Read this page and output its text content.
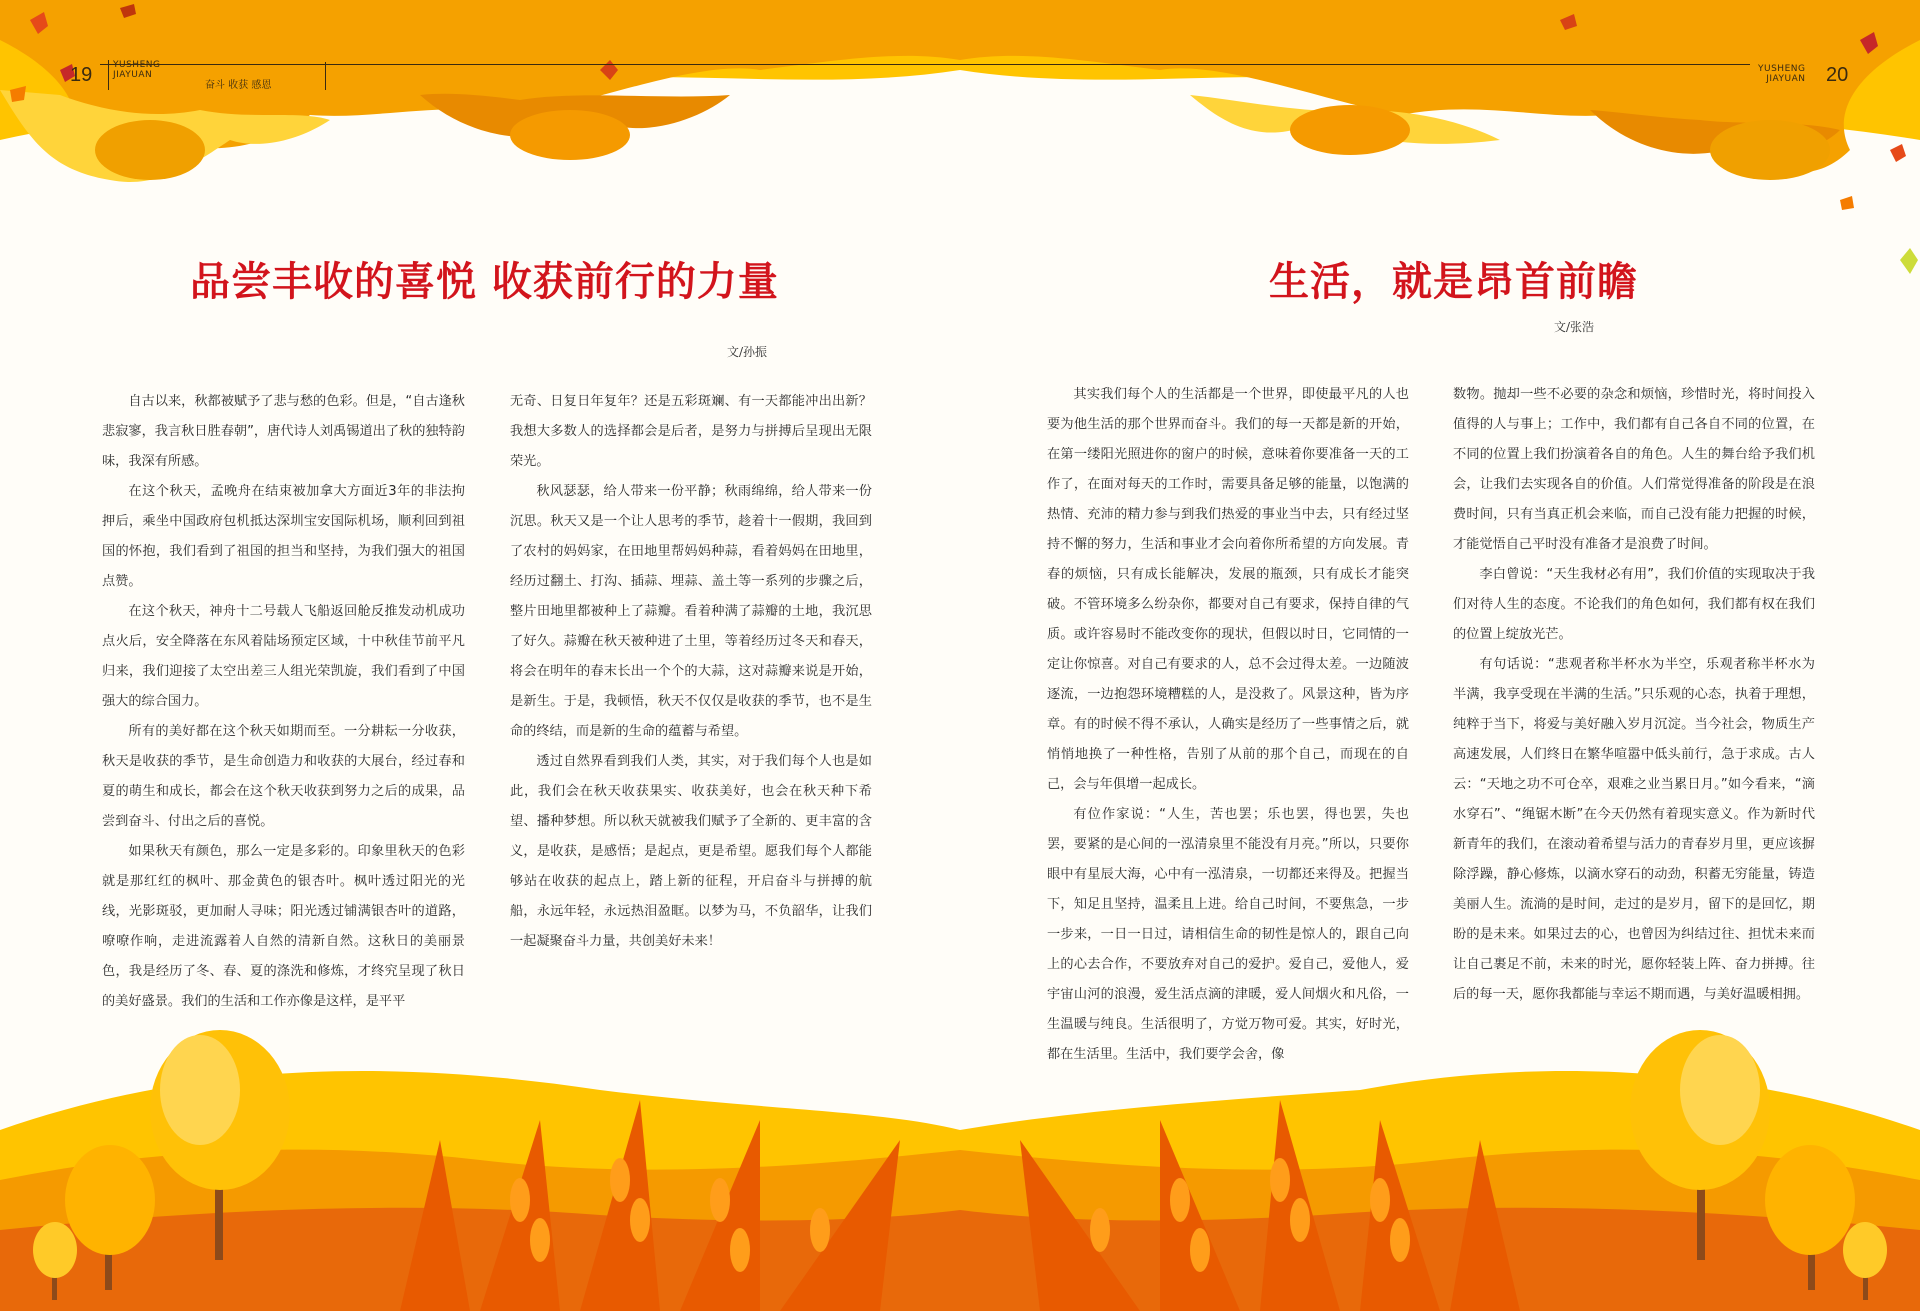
19 YUSHENG
JIAYUAN
奋斗 收获 感恩
品尝丰收的喜悦 收获前行的力量
文/孙振

自古以来，秋都被赋予了悲与愁的色彩。但是，“自古逢秋悲寂寥，我言秋日胜春朝”，唐代诗人刘禹锡道出了秋的独特韵味，我深有所感。

在这个秋天，孟晚舟在结束被加拿大方面近3年的非法拘押后，乘坐中国政府包机抵达深圳宝安国际机场，顺利回到祖国的怀抱，我们看到了祖国的担当和坚持，为我们强大的祖国点赞。

在这个秋天，神舟十二号载人飞船返回舱反推发动机成功点火后，安全降落在东风着陆场预定区域，十中秋佳节前平凡归来，我们迎接了太空出差三人组光荣凯旋，我们看到了中国强大的综合国力。

所有的美好都在这个秋天如期而至。一分耕耘一分收获，秋天是收获的季节，是生命创造力和收获的大展台，经过春和夏的萌生和成长，都会在这个秋天收获到努力之后的成果，品尝到奋斗、付出之后的喜悦。

如果秋天有颜色，那么一定是多彩的。印象里秋天的色彩就是那红红的枫叶、那金黄色的银杏叶。枫叶透过阳光的光线，光影斑驳，更加耐人寻味；阳光透过铺满银杏叶的道路，嘹嘹作响，走进流露着人自然的清新自然。这秋日的美丽景色，我是经历了冬、春、夏的涤洗和修炼，才终究呈现了秋日的美好盛景。我们的生活和工作亦像是这样，是平平

无奇、日复日年复年？还是五彩斑斓、有一天都能冲出出新？我想大多数人的选择都会是后者，是努力与拼搏后呈现出无限荣光。

秋风瑟瑟，给人带来一份平静；秋雨绵绵，给人带来一份沉思。秋天又是一个让人思考的季节，趁着十一假期，我回到了农村的妈妈家，在田地里帮妈妈种蒜，看着妈妈在田地里，经历过翻土、打沟、插蒜、埋蒜、盖土等一系列的步骤之后，整片田地里都被种上了蒜瓣。看着种满了蒜瓣的土地，我沉思了好久。蒜瓣在秋天被种进了土里，等着经历过冬天和春天，将会在明年的春末长出一个个的大蒜，这对蒜瓣来说是开始，是新生。于是，我顿悟，秋天不仅仅是收获的季节，也不是生命的终结，而是新的生命的蕴蓄与希望。

透过自然界看到我们人类，其实，对于我们每个人也是如此，我们会在秋天收获果实、收获美好，也会在秋天种下希望、播种梦想。所以秋天就被我们赋予了全新的、更丰富的含义，是收获，是感悟；是起点，更是希望。愿我们每个人都能够站在收获的起点上，踏上新的征程，开启奋斗与拼搏的航船，永远年轻，永远热泪盈眶。以梦为马，不负韶华，让我们一起凝聚奋斗力量，共创美好未来！

YUSHENG
JIAYUAN 20
生活，就是昂首前瞻
文/张浩

其实我们每个人的生活都是一个世界，即使最平凡的人也要为他生活的那个世界而奋斗。我们的每一天都是新的开始，在第一缕阳光照进你的窗户的时候，意味着你要准备一天的工作了，在面对每天的工作时，需要具备足够的能量，以饱满的热情、充沛的精力参与到我们热爱的事业当中去，只有经过坚持不懈的努力，生活和事业才会向着你所希望的方向发展。青春的烦恼，只有成长能解决，发展的瓶颈，只有成长才能突破。不管环境多么纷杂你，都要对自己有要求，保持自律的气质。或许容易时不能改变你的现状，但假以时日，它同情的一定让你惊喜。对自己有要求的人，总不会过得太差。一边随波逐流，一边抱怨环境糟糕的人，是没救了。风景这种，皆为序章。有的时候不得不承认，人确实是经历了一些事情之后，就悄悄地换了一种性格，告别了从前的那个自己，而现在的自己，会与年俱增一起成长。

有位作家说：“人生，苦也罢；乐也罢，得也罢，失也罢，要紧的是心间的一泓清泉里不能没有月亮。”所以，只要你眼中有星辰大海，心中有一泓清泉，一切都还来得及。把握当下，知足且坚持，温柔且上进。给自己时间，不要焦急，一步一步来，一日一日过，请相信生命的韧性是惊人的，跟自己向上的心去合作，不要放弃对自己的爱护。爱自己，爱他人，爱宇宙山河的浪漫，爱生活点滴的津暖，爱人间烟火和凡俗，一生温暖与纯良。生活很明了，方觉万物可爱。其实，好时光，都在生活里。生活中，我们要学会舍，像

数物。抛却一些不必要的杂念和烦恼，珍惜时光，将时间投入值得的人与事上；工作中，我们都有自己各自不同的位置，在不同的位置上我们扮演着各自的角色。人生的舞台给予我们机会，让我们去实现各自的价值。人们常觉得准备的阶段是在浪费时间，只有当真正机会来临，而自己没有能力把握的时候，才能觉悟自己平时没有准备才是浪费了时间。

李白曾说：“天生我材必有用”，我们价值的实现取决于我们对待人生的态度。不论我们的角色如何，我们都有权在我们的位置上绽放光芒。

有句话说：“悲观者称半杯水为半空，乐观者称半杯水为半满，我享受现在半满的生活。”只乐观的心态，执着于理想，纯粹于当下，将爱与美好融入岁月沉淀。当今社会，物质生产高速发展，人们终日在繁华喧嚣中低头前行，急于求成。古人云：“天地之功不可仓卒，艰难之业当累日月。”如今看来，“滴水穿石”、“绳锯木断”在今天仍然有着现实意义。作为新时代新青年的我们，在滚动着希望与活力的青春岁月里，更应该摒除浮躁，静心修炼，以滴水穿石的动劲，积蓄无穷能量，铸造美丽人生。流淌的是时间，走过的是岁月，留下的是回忆，期盼的是未来。如果过去的心，也曾因为纠结过往、担忧未来而让自己裹足不前，未来的时光，愿你轻装上阵、奋力拼搏。往后的每一天，愿你我都能与幸运不期而遇，与美好温暖相拥。
